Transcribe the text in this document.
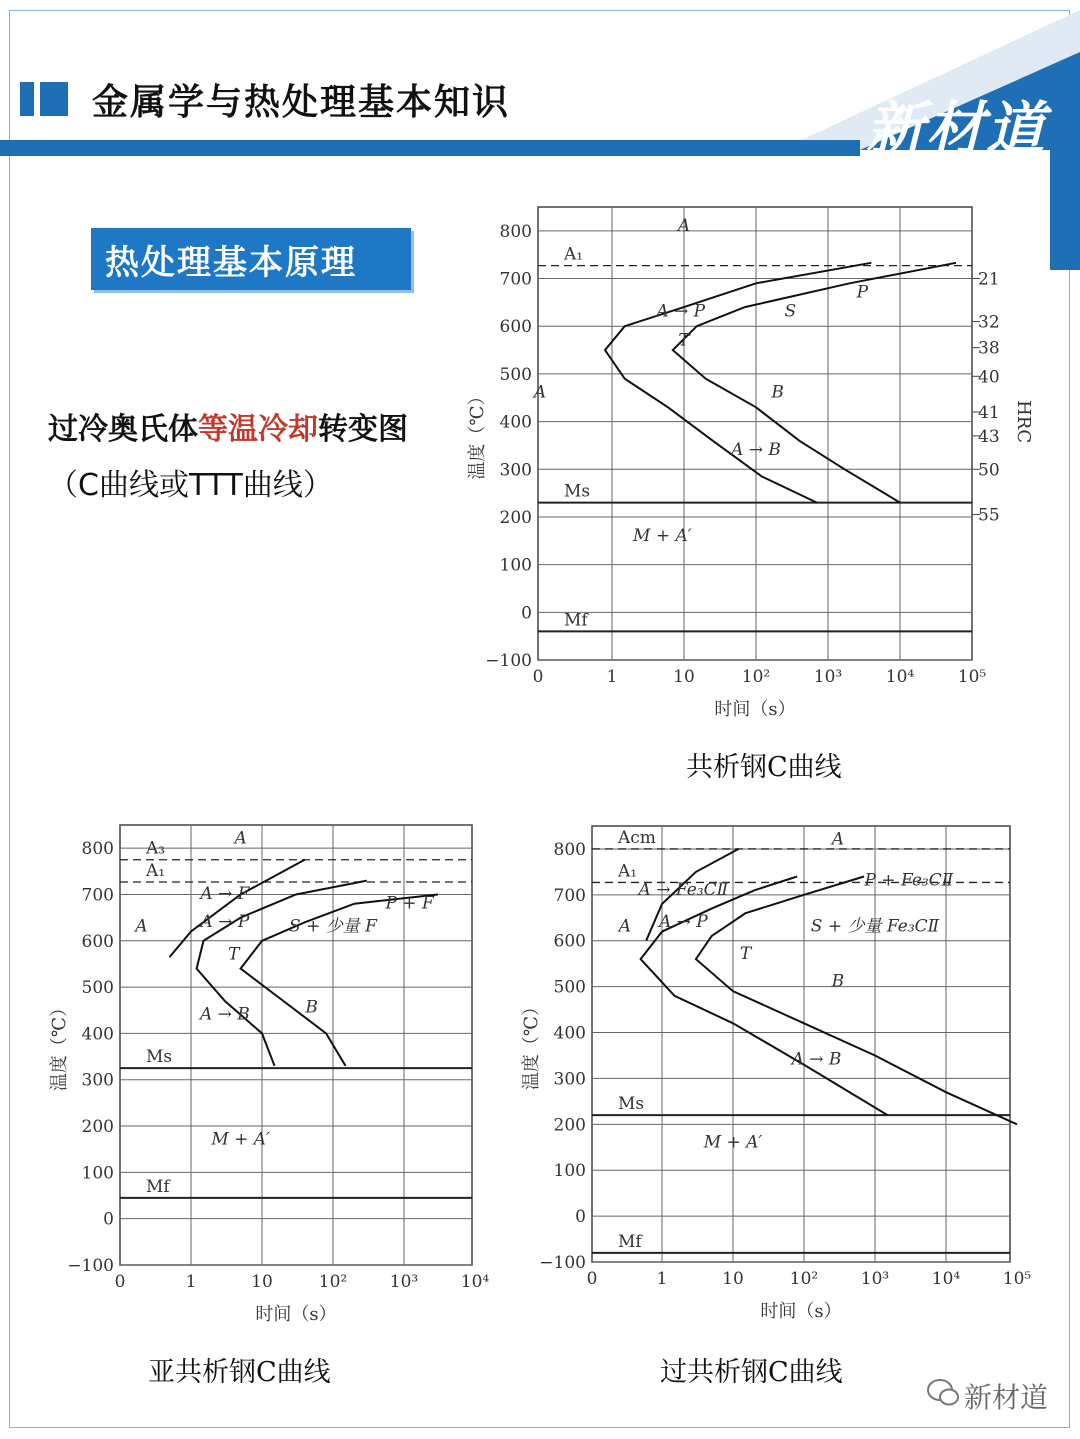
金属学与热处理基本知识	新材道
热处理基本原理
过冷奥氏体等温冷却转变图
（C曲线或TTT曲线）
共析钢C曲线
亚共析钢C曲线	过共析钢C曲线
−100
0
100
200
300
400
500
600
700
800
0	1	10	10²	10³	10⁴	10⁵
时间（s）
温度（℃）
A₁
Ms
Mf
21
32
38
40
41
43
50
55
HRC
A
A
A → P	S
P
T
B
A → B
M + A′
−100
0
100
200
300
400
500
600
700
800
0	1	10	10²	10³	10⁴
时间（s）
温度（℃）
A₃
A₁
Ms
Mf
A
A
A → F
A → P S + 少量 F
P + F
T
A → B	B
M + A′
−100
0
100
200
300
400
500
600
700
800
0	1	10	10²	10³	10⁴	10⁵
时间（s）
温度（℃）
Acm
A₁
Ms
Mf
A
A
A → Fe₃CⅡ
A → P
P + Fe₃CⅡ
S + 少量 Fe₃CⅡ
T
B
A → B
M + A′
新材道
